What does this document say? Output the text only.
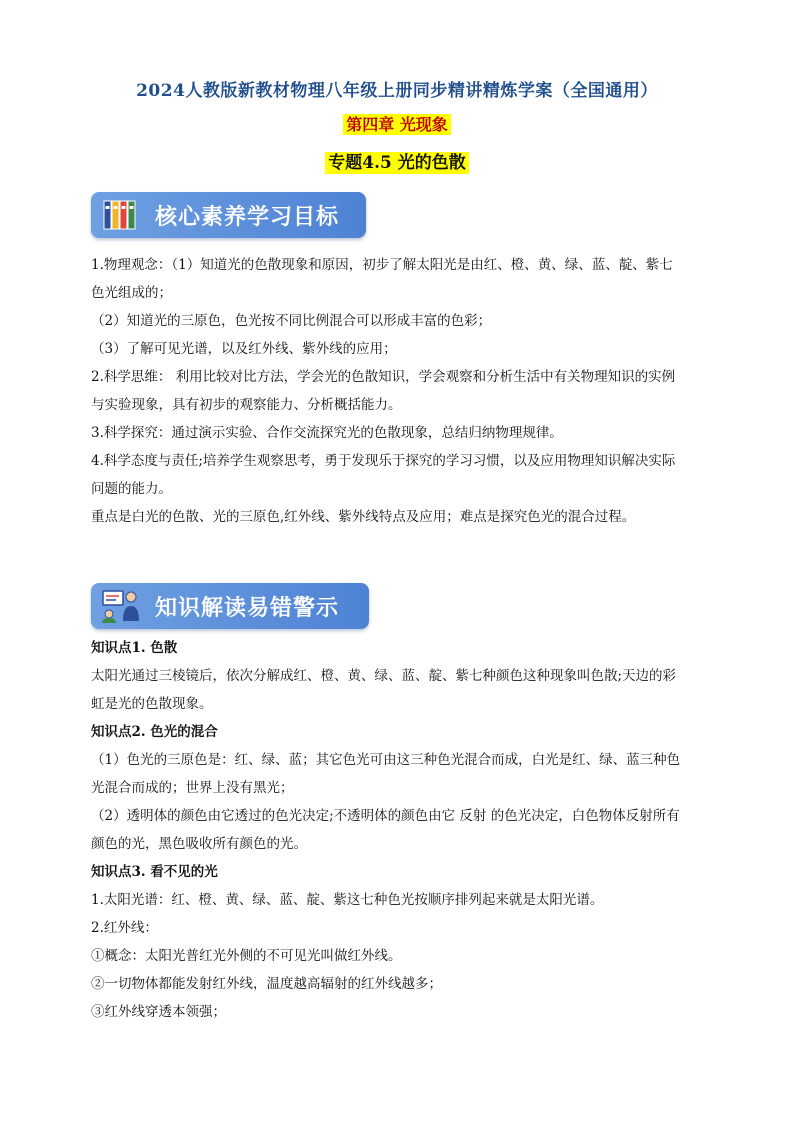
2024人教版新教材物理八年级上册同步精讲精炼学案（全国通用）
第四章 光现象
专题4.5 光的色散
核心素养学习目标

1.物理观念：（1）知道光的色散现象和原因，初步了解太阳光是由红、橙、黄、绿、蓝、靛、紫七

色光组成的；

（2）知道光的三原色，色光按不同比例混合可以形成丰富的色彩；

（3）了解可见光谱，以及红外线、紫外线的应用；

2.科学思维： 利用比较对比方法，学会光的色散知识，学会观察和分析生活中有关物理知识的实例

与实验现象，具有初步的观察能力、分析概括能力。

3.科学探究：通过演示实验、合作交流探究光的色散现象，总结归纳物理规律。

4.科学态度与责任;培养学生观察思考，勇于发现乐于探究的学习习惯，以及应用物理知识解决实际

问题的能力。

重点是白光的色散、光的三原色,红外线、紫外线特点及应用；难点是探究色光的混合过程。

知识解读易错警示

知识点1. 色散

太阳光通过三棱镜后，依次分解成红、橙、黄、绿、蓝、靛、紫七种颜色这种现象叫色散;天边的彩

虹是光的色散现象。

知识点2. 色光的混合

（1）色光的三原色是：红、绿、蓝；其它色光可由这三种色光混合而成，白光是红、绿、蓝三种色

光混合而成的；世界上没有黑光；

（2）透明体的颜色由它透过的色光决定;不透明体的颜色由它 反射 的色光决定，白色物体反射所有

颜色的光，黑色吸收所有颜色的光。

知识点3. 看不见的光

1.太阳光谱：红、橙、黄、绿、蓝、靛、紫这七种色光按顺序排列起来就是太阳光谱。

2.红外线：

①概念：太阳光普红光外侧的不可见光叫做红外线。

②一切物体都能发射红外线，温度越高辐射的红外线越多；

③红外线穿透本领强；
